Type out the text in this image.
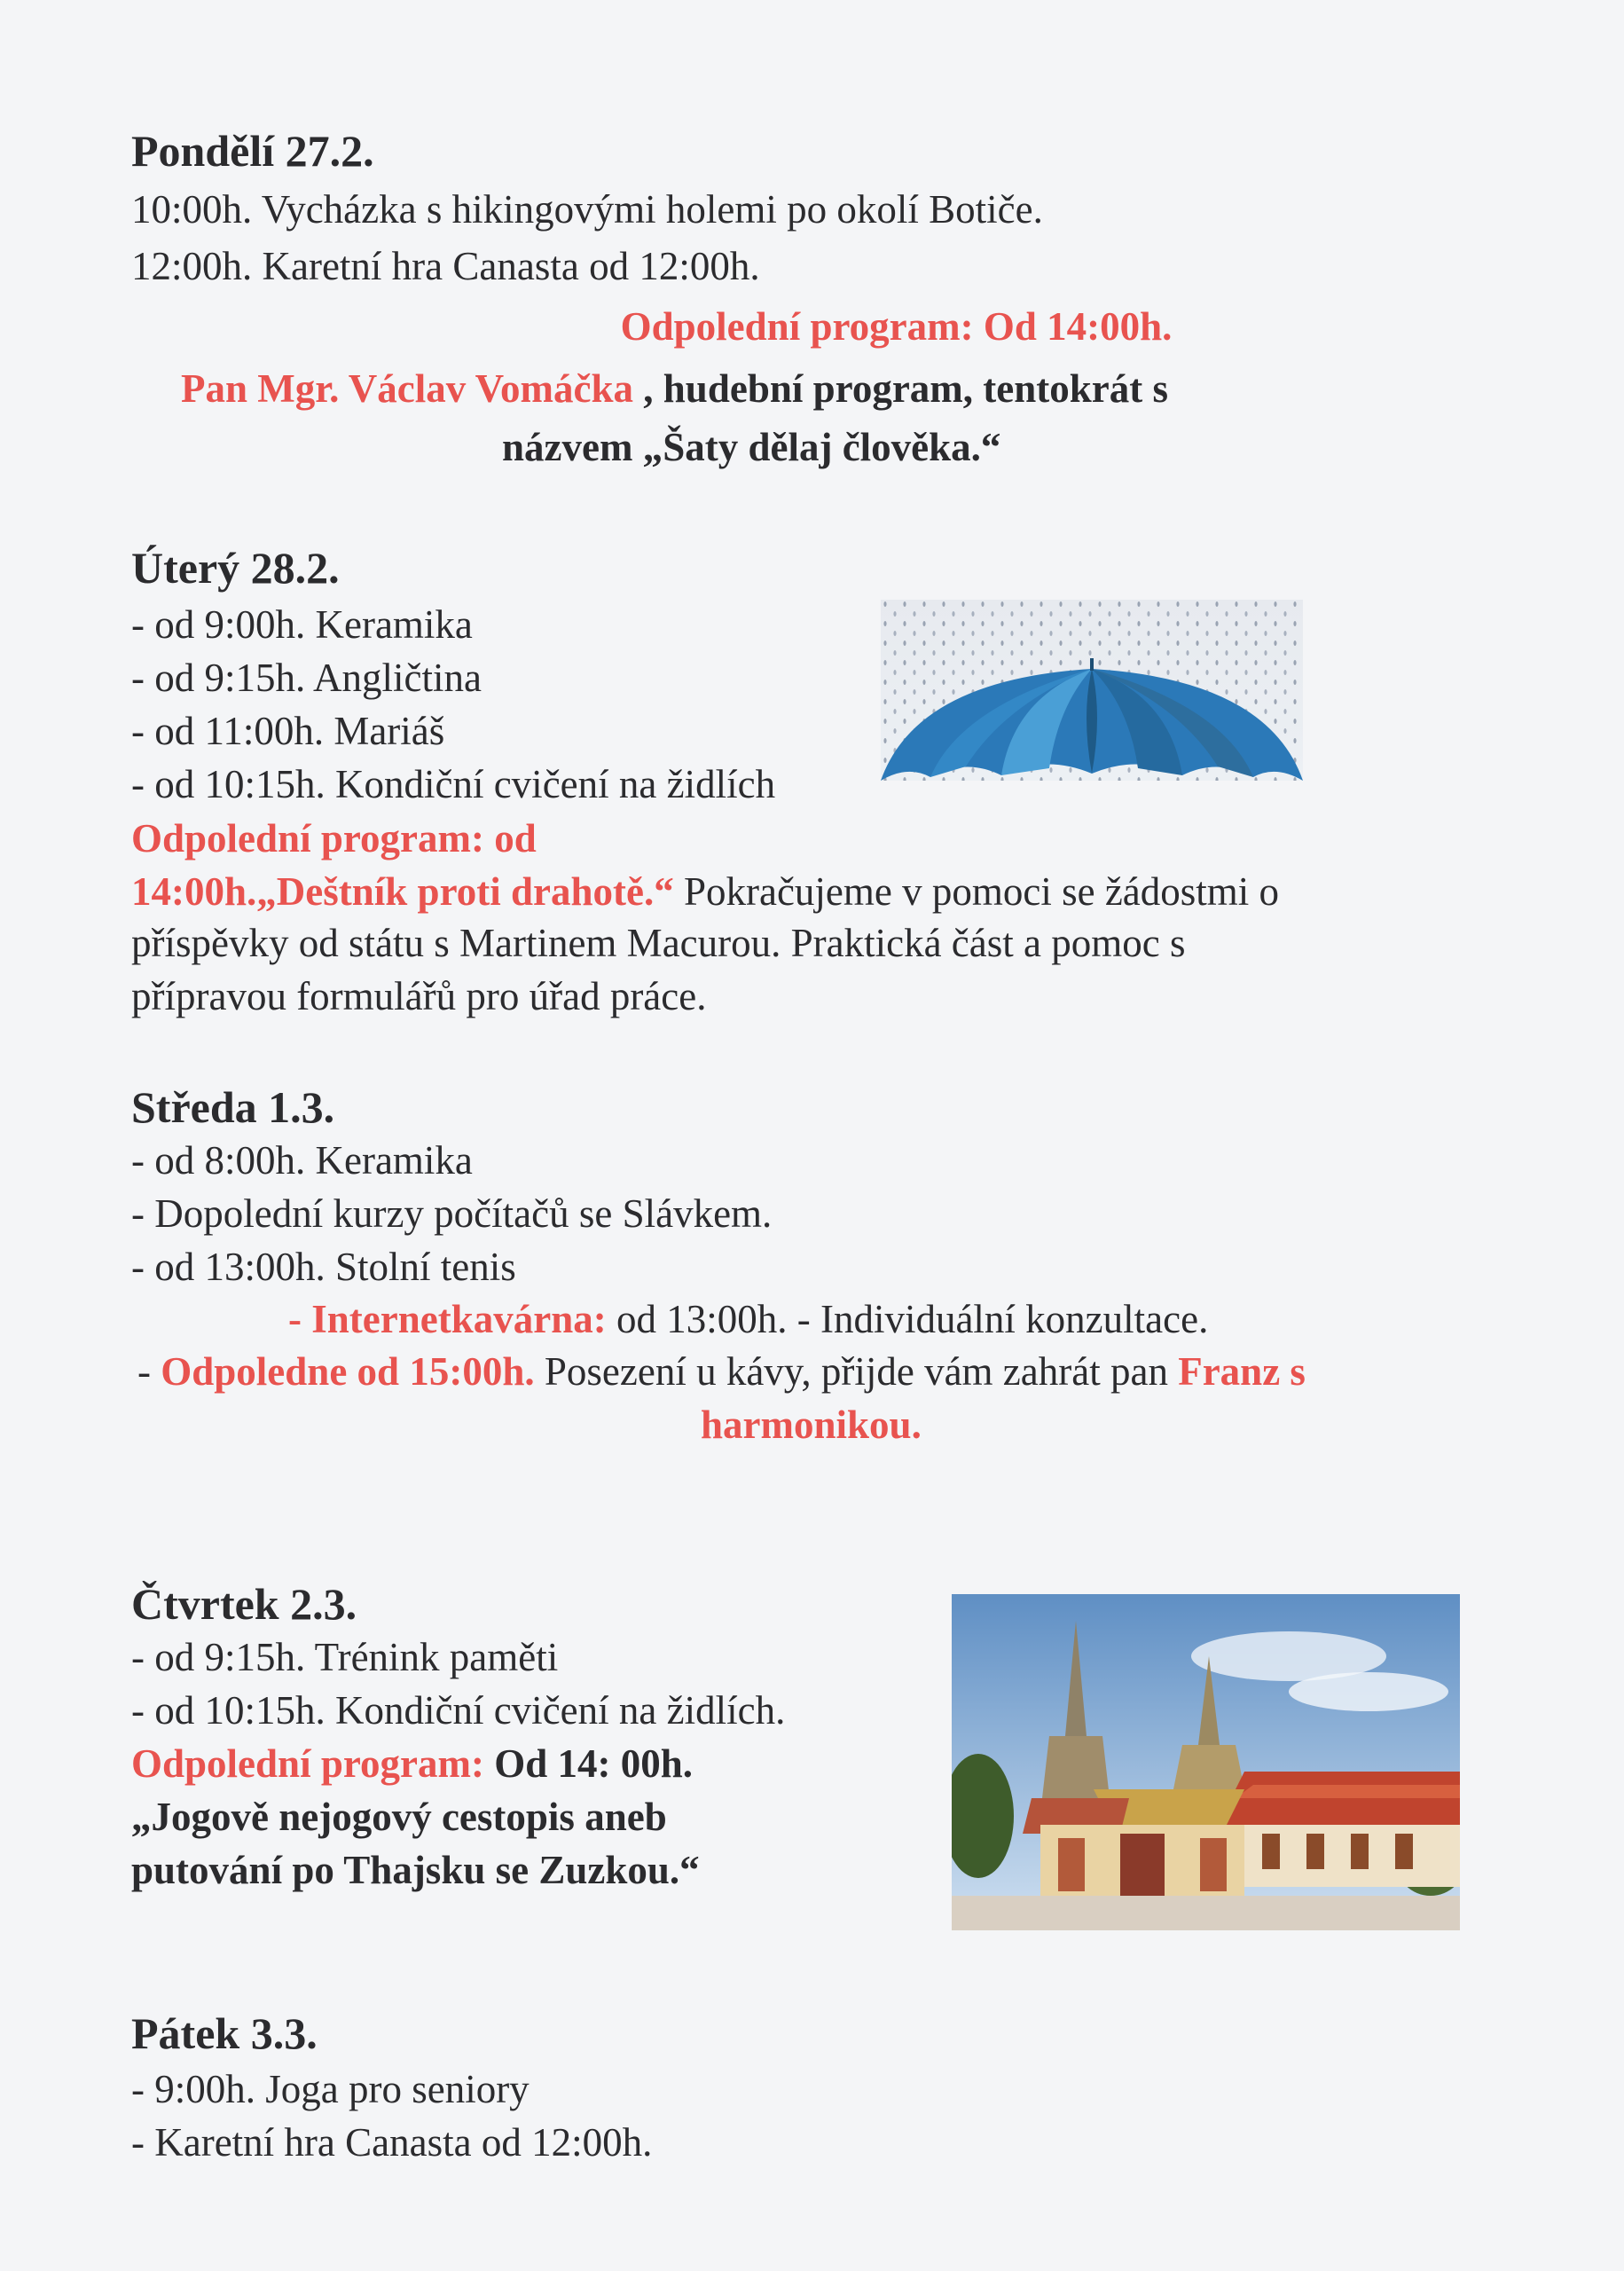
Pondělí 27.2.
10:00h. Vycházka s hikingovými holemi po okolí Botiče.
12:00h. Karetní hra Canasta od 12:00h.
Odpolední program: Od 14:00h.
Pan Mgr. Václav Vomáčka , hudební program, tentokrát s
názvem „Šaty dělaj člověka.“
Úterý 28.2.
- od 9:00h. Keramika
- od 9:15h. Angličtina
- od 11:00h. Mariáš
- od 10:15h. Kondiční cvičení na židlích
Odpolední program: od
14:00h.„Deštník proti drahotě.“ Pokračujeme v pomoci se žádostmi o
příspěvky od státu s Martinem Macurou. Praktická část a pomoc s
přípravou formulářů pro úřad práce.
Středa 1.3.
- od 8:00h. Keramika
- Dopolední kurzy počítačů se Slávkem.
- od 13:00h. Stolní tenis
- Internetkavárna: od 13:00h. - Individuální konzultace.
- Odpoledne od 15:00h. Posezení u kávy, přijde vám zahrát pan Franz s
harmonikou.
Čtvrtek 2.3.
- od 9:15h. Trénink paměti
- od 10:15h. Kondiční cvičení na židlích.
Odpolední program: Od 14: 00h.
„Jogově nejogový cestopis aneb
putování po Thajsku se Zuzkou.“
Pátek 3.3.
- 9:00h. Joga pro seniory
- Karetní hra Canasta od 12:00h.
